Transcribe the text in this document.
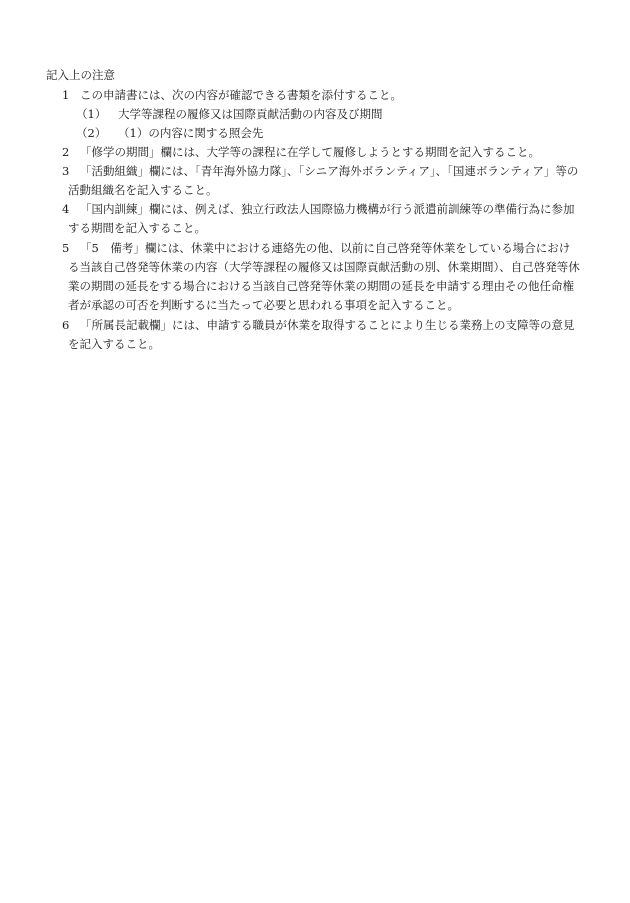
記入上の注意
1 この申請書には、次の内容が確認できる書類を添付すること。
（1） 大学等課程の履修又は国際貢献活動の内容及び期間
（2） （1）の内容に関する照会先
2 「修学の期間」欄には、大学等の課程に在学して履修しようとする期間を記入すること。
3 「活動組織」欄には、「青年海外協力隊」、「シニア海外ボランティア」、「国連ボランティア」等の
活動組織名を記入すること。
4 「国内訓練」欄には、例えば、独立行政法人国際協力機構が行う派遣前訓練等の準備行為に参加
する期間を記入すること。
5 「5　備考」欄には、休業中における連絡先の他、以前に自己啓発等休業をしている場合におけ
る当該自己啓発等休業の内容（大学等課程の履修又は国際貢献活動の別、休業期間）、自己啓発等休
業の期間の延長をする場合における当該自己啓発等休業の期間の延長を申請する理由その他任命権
者が承認の可否を判断するに当たって必要と思われる事項を記入すること。
6 「所属長記載欄」には、申請する職員が休業を取得することにより生じる業務上の支障等の意見
を記入すること。
